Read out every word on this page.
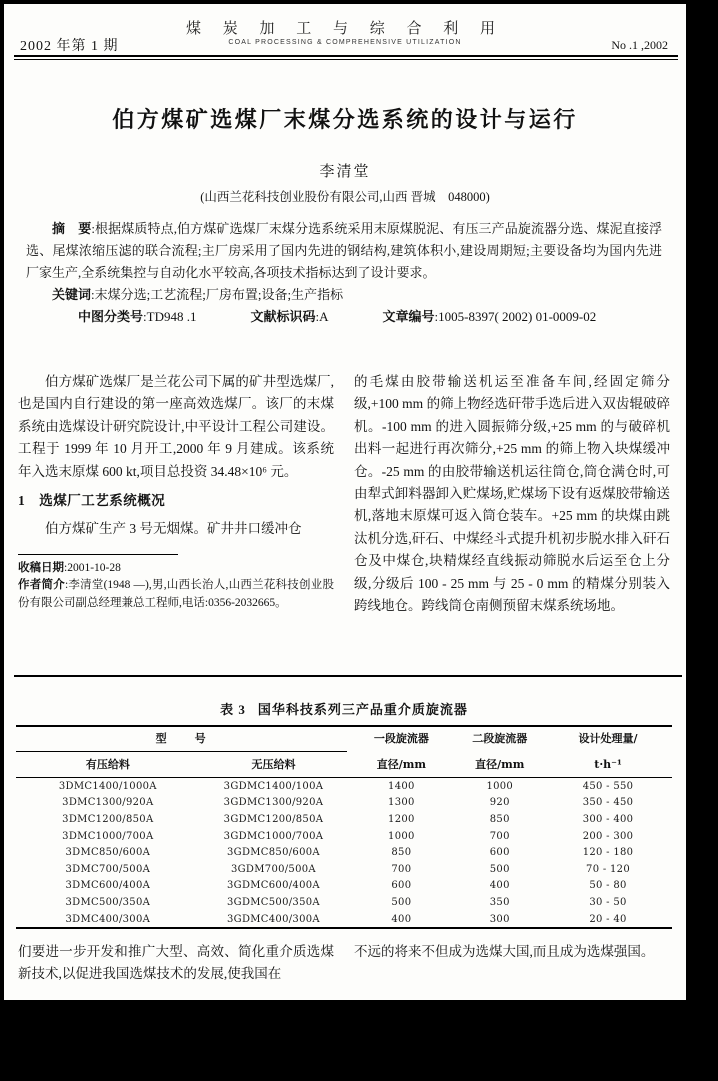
煤 炭 加 工 与 综 合 利 用
COAL PROCESSING & COMPREHENSIVE UTILIZATION
2002 年第 1 期	No .1 ,2002
伯方煤矿选煤厂末煤分选系统的设计与运行
李清堂
(山西兰花科技创业股份有限公司,山西 晋城　048000)

摘　要:根据煤质特点,伯方煤矿选煤厂末煤分选系统采用末原煤脱泥、有压三产品旋流器分选、煤泥直接浮选、尾煤浓缩压滤的联合流程;主厂房采用了国内先进的钢结构,建筑体积小,建设周期短;主要设备均为国内先进厂家生产,全系统集控与自动化水平较高,各项技术指标达到了设计要求。

关键词:末煤分选;工艺流程;厂房布置;设备;生产指标

中图分类号:TD948 .1	文献标识码:A	文章编号:1005-8397( 2002) 01-0009-02

伯方煤矿选煤厂是兰花公司下属的矿井型选煤厂,也是国内自行建设的第一座高效选煤厂。该厂的末煤系统由选煤设计研究院设计,中平设计工程公司建设。工程于 1999 年 10 月开工,2000 年 9 月建成。该系统年入选末原煤 600 kt,项目总投资 34.48×10⁶ 元。

1 选煤厂工艺系统概况

伯方煤矿生产 3 号无烟煤。矿井井口缓冲仓

收稿日期:2001-10-28

作者简介:李清堂(1948 —),男,山西长治人,山西兰花科技创业股份有限公司副总经理兼总工程师,电话:0356-2032665。

的毛煤由胶带输送机运至准备车间,经固定筛分级,+100 mm 的筛上物经选矸带手选后进入双齿辊破碎机。-100 mm 的进入圆振筛分级,+25 mm 的与破碎机出料一起进行再次筛分,+25 mm 的筛上物入块煤缓冲仓。-25 mm 的由胶带输送机运往筒仓,筒仓满仓时,可由犁式卸料器卸入贮煤场,贮煤场下设有返煤胶带输送机,落地末原煤可返入筒仓装车。+25 mm 的块煤由跳汰机分选,矸石、中煤经斗式提升机初步脱水排入矸石仓及中煤仓,块精煤经直线振动筛脱水后运至仓上分级,分级后 100 - 25 mm 与 25 - 0 mm 的精煤分别装入跨线地仓。跨线筒仓南侧预留末煤系统场地。

表 3 国华科技系列三产品重介质旋流器
型　　号		一段旋流器	二段旋流器	设计处理量/
有压给料	无压给料	直径/mm	直径/mm	t·h⁻¹
3DMC1400/1000A	3GDMC1400/100A	1400	1000	450 - 550
3DMC1300/920A	3GDMC1300/920A	1300	920	350 - 450
3DMC1200/850A	3GDMC1200/850A	1200	850	300 - 400
3DMC1000/700A	3GDMC1000/700A	1000	700	200 - 300
3DMC850/600A	3GDMC850/600A	850	600	120 - 180
3DMC700/500A	3GDM700/500A	700	500	70 - 120
3DMC600/400A	3GDMC600/400A	600	400	50 - 80
3DMC500/350A	3GDMC500/350A	500	350	30 - 50
3DMC400/300A	3GDMC400/300A	400	300	20 - 40

们要进一步开发和推广大型、高效、简化重介质选煤新技术,以促进我国选煤技术的发展,使我国在

不远的将来不但成为选煤大国,而且成为选煤强国。
